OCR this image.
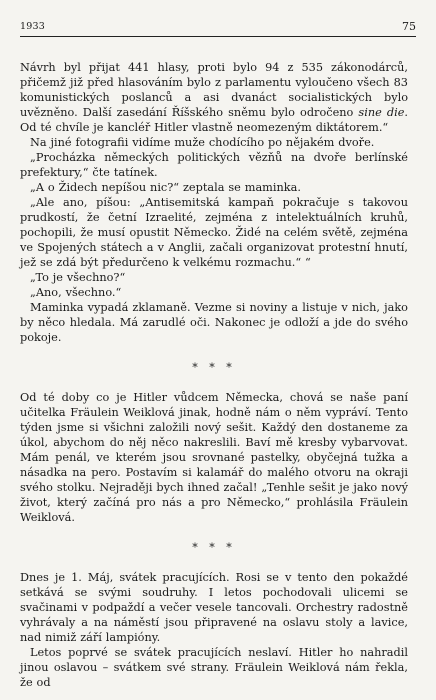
1933	75

Návrh byl přijat 441 hlasy, proti bylo 94 z 535 zákonodárců, přičemž již před hlasováním bylo z parlamentu vyloučeno všech 83 komunistických poslanců a asi dvanáct socialistických bylo uvězněno. Další zasedání Říšského sněmu bylo odročeno sine die. Od té chvíle je kancléř Hitler vlastně neomezeným diktátorem.“

Na jiné fotografii vidíme muže chodícího po nějakém dvoře.

„Procházka německých politických vězňů na dvoře berlínské prefektury,“ čte tatínek.

„A o Židech nepíšou nic?“ zeptala se maminka.

„Ale ano, píšou: „Antisemitská kampaň pokračuje s takovou prudkostí, že četní Izraelité, zejména z intelektuálních kruhů, pochopili, že musí opustit Německo. Židé na celém světě, zejména ve Spojených státech a v Anglii, začali organizovat protestní hnutí, jež se zdá být předurčeno k velkému rozmachu.“ “

„To je všechno?“

„Ano, všechno.“

Maminka vypadá zklamaně. Vezme si noviny a listuje v nich, jako by něco hledala. Má zarudlé oči. Nakonec je odloží a jde do svého pokoje.

* * *

Od té doby co je Hitler vůdcem Německa, chová se naše paní učitelka Fräulein Weiklová jinak, hodně nám o něm vypráví. Tento týden jsme si všichni založili nový sešit. Každý den dostaneme za úkol, abychom do něj něco nakreslili. Baví mě kresby vybarvovat. Mám penál, ve kterém jsou srovnané pastelky, obyčejná tužka a násadka na pero. Postavím si kalamář do malého otvoru na okraji svého stolku. Nejraději bych ihned začal! „Tenhle sešit je jako nový život, který začíná pro nás a pro Německo,“ prohlásila Fräulein Weiklová.

* * *

Dnes je 1. Máj, svátek pracujících. Rosi se v tento den pokaždé setkává se svými soudruhy. I letos pochodovali ulicemi se svačinami v podpaždí a večer vesele tancovali. Orchestry radostně vyhrávaly a na náměstí jsou připravené na oslavu stoly a lavice, nad nimiž září lampióny.

Letos poprvé se svátek pracujících neslaví. Hitler ho nahradil jinou oslavou – svátkem své strany. Fräulein Weiklová nám řekla, že od
